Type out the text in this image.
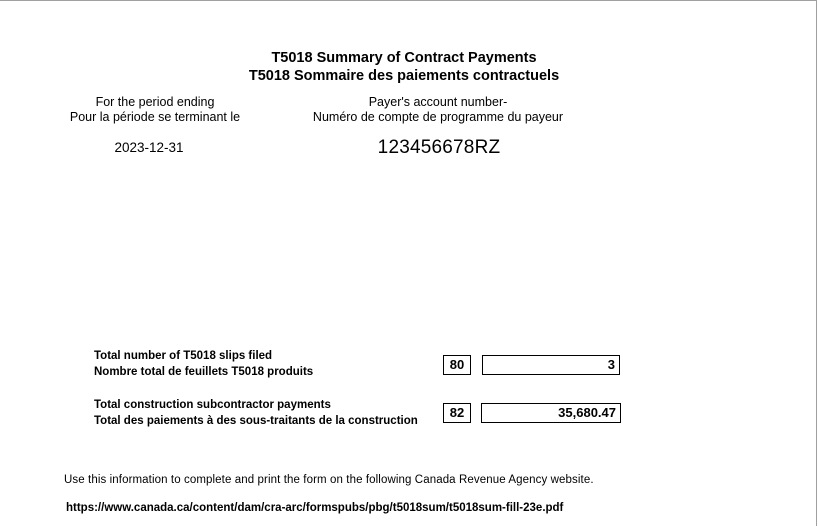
T5018 Summary of Contract Payments
T5018 Sommaire des paiements contractuels
For the period ending
Pour la période se terminant le
Payer's account number-
Numéro de compte de programme du payeur
2023-12-31	123456678RZ
Total number of T5018 slips filed
Nombre total de feuillets T5018 produits	80	3
Total construction subcontractor payments
Total des paiements à des sous-traitants de la construction
82	35,680.47
Use this information to complete and print the form on the following Canada Revenue Agency website.
https://www.canada.ca/content/dam/cra-arc/formspubs/pbg/t5018sum/t5018sum-fill-23e.pdf
